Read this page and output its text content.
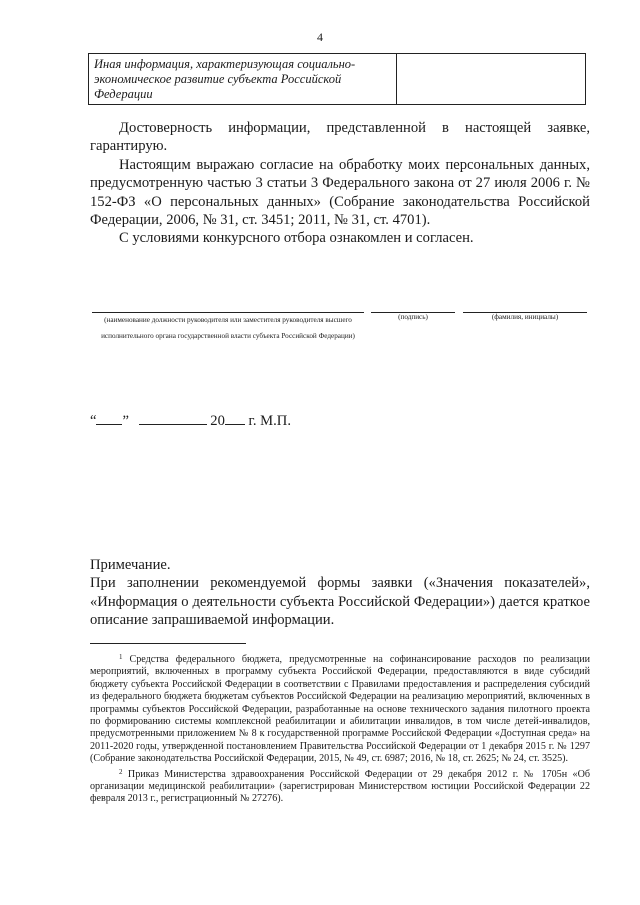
4
Иная информация, характеризующая социально-экономическое развитие субъекта Российской Федерации	

Достоверность информации, представленной в настоящей заявке, гарантирую.

Настоящим выражаю согласие на обработку моих персональных данных, предусмотренную частью 3 статьи 3 Федерального закона от 27 июля 2006 г. № 152-ФЗ «О персональных данных» (Собрание законодательства Российской Федерации, 2006, № 31, ст. 3451; 2011, № 31, ст. 4701).

С условиями конкурсного отбора ознакомлен и согласен.

(наименование должности руководителя или заместителя руководителя высшего исполнительного органа государственной власти субъекта Российской Федерации)
(подпись)	(фамилия, инициалы)
“ ”	20 г. М.П.

Примечание.

При заполнении рекомендуемой формы заявки («Значения показателей», «Информация о деятельности субъекта Российской Федерации») дается краткое описание запрашиваемой информации.

$^1$ Средства федерального бюджета, предусмотренные на софинансирование расходов по реализации мероприятий, включенных в программу субъекта Российской Федерации, предоставляются в виде субсидий бюджету субъекта Российской Федерации в соответствии с Правилами предоставления и распределения субсидий из федерального бюджета бюджетам субъектов Российской Федерации на реализацию мероприятий, включенных в программы субъектов Российской Федерации, разработанные на основе технического задания пилотного проекта по формированию системы комплексной реабилитации и абилитации инвалидов, в том числе детей-инвалидов, предусмотренными приложением № 8 к государственной программе Российской Федерации «Доступная среда» на 2011-2020 годы, утвержденной постановлением Правительства Российской Федерации от 1 декабря 2015 г. № 1297 (Собрание законодательства Российской Федерации, 2015, № 49, ст. 6987; 2016, № 18, ст. 2625; № 24, ст. 3525).

$^2$ Приказ Министерства здравоохранения Российской Федерации от 29 декабря 2012 г. № 1705н «Об организации медицинской реабилитации» (зарегистрирован Министерством юстиции Российской Федерации 22 февраля 2013 г., регистрационный № 27276).
